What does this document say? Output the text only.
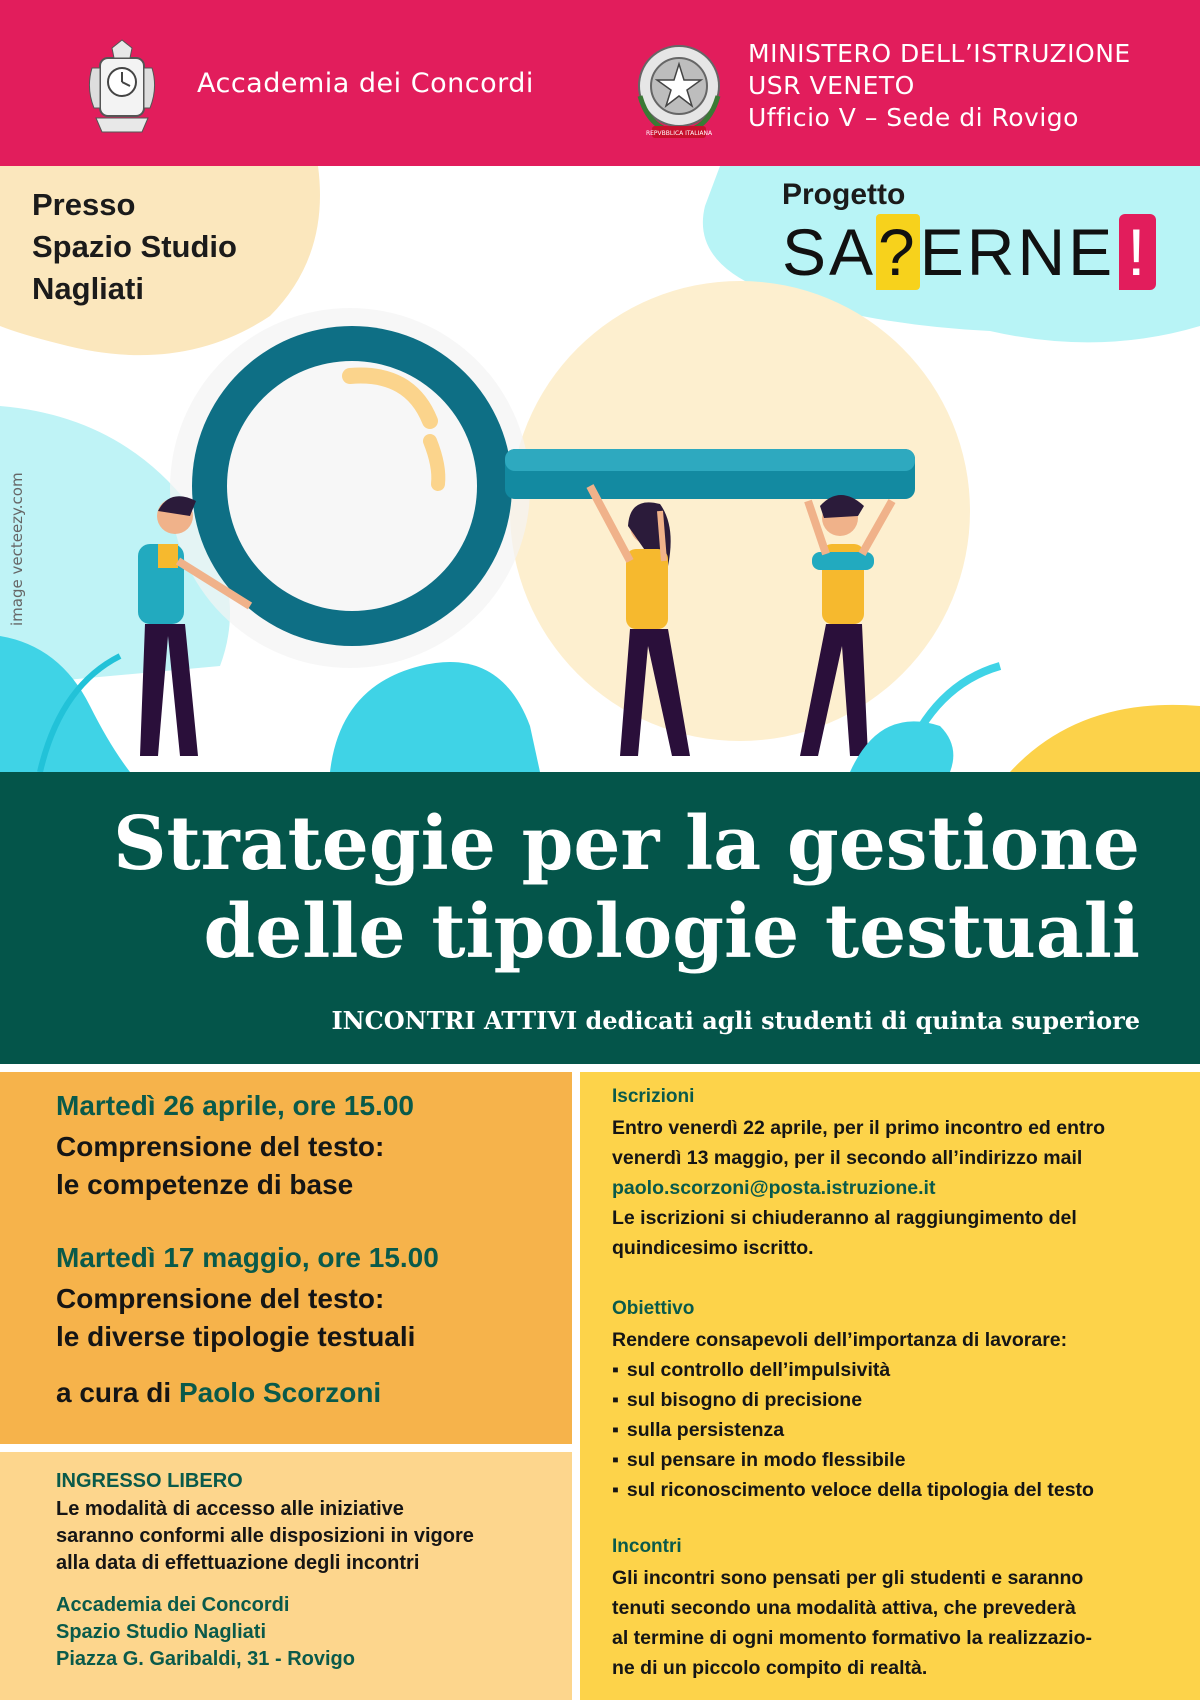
Accademia dei Concordi
REPVBBLICA ITALIANA
MINISTERO DELL’ISTRUZIONE
USR VENETO
Ufficio V – Sede di Rovigo
Presso
Spazio Studio
Nagliati
Progetto
SA?ERNE !
image vecteezy.com
Strategie per la gestione
delle tipologie testuali
INCONTRI ATTIVI dedicati agli studenti di quinta superiore
Martedì 26 aprile, ore 15.00
Comprensione del testo:
le competenze di base
Martedì 17 maggio, ore 15.00
Comprensione del testo:
le diverse tipologie testuali
a cura di Paolo Scorzoni
INGRESSO LIBERO
Le modalità di accesso alle iniziative
saranno conformi alle disposizioni in vigore
alla data di effettuazione degli incontri
Accademia dei Concordi
Spazio Studio Nagliati
Piazza G. Garibaldi, 31 - Rovigo
Iscrizioni
Entro venerdì 22 aprile, per il primo incontro ed entro
venerdì 13 maggio, per il secondo all’indirizzo mail
paolo.scorzoni@posta.istruzione.it
Le iscrizioni si chiuderanno al raggiungimento del
quindicesimo iscritto.
Obiettivo
Rendere consapevoli dell’importanza di lavorare:
▪ sul controllo dell’impulsività
▪ sul bisogno di precisione
▪ sulla persistenza
▪ sul pensare in modo flessibile
▪ sul riconoscimento veloce della tipologia del testo
Incontri
Gli incontri sono pensati per gli studenti e saranno
tenuti secondo una modalità attiva, che prevederà
al termine di ogni momento formativo la realizzazio-
ne di un piccolo compito di realtà.
